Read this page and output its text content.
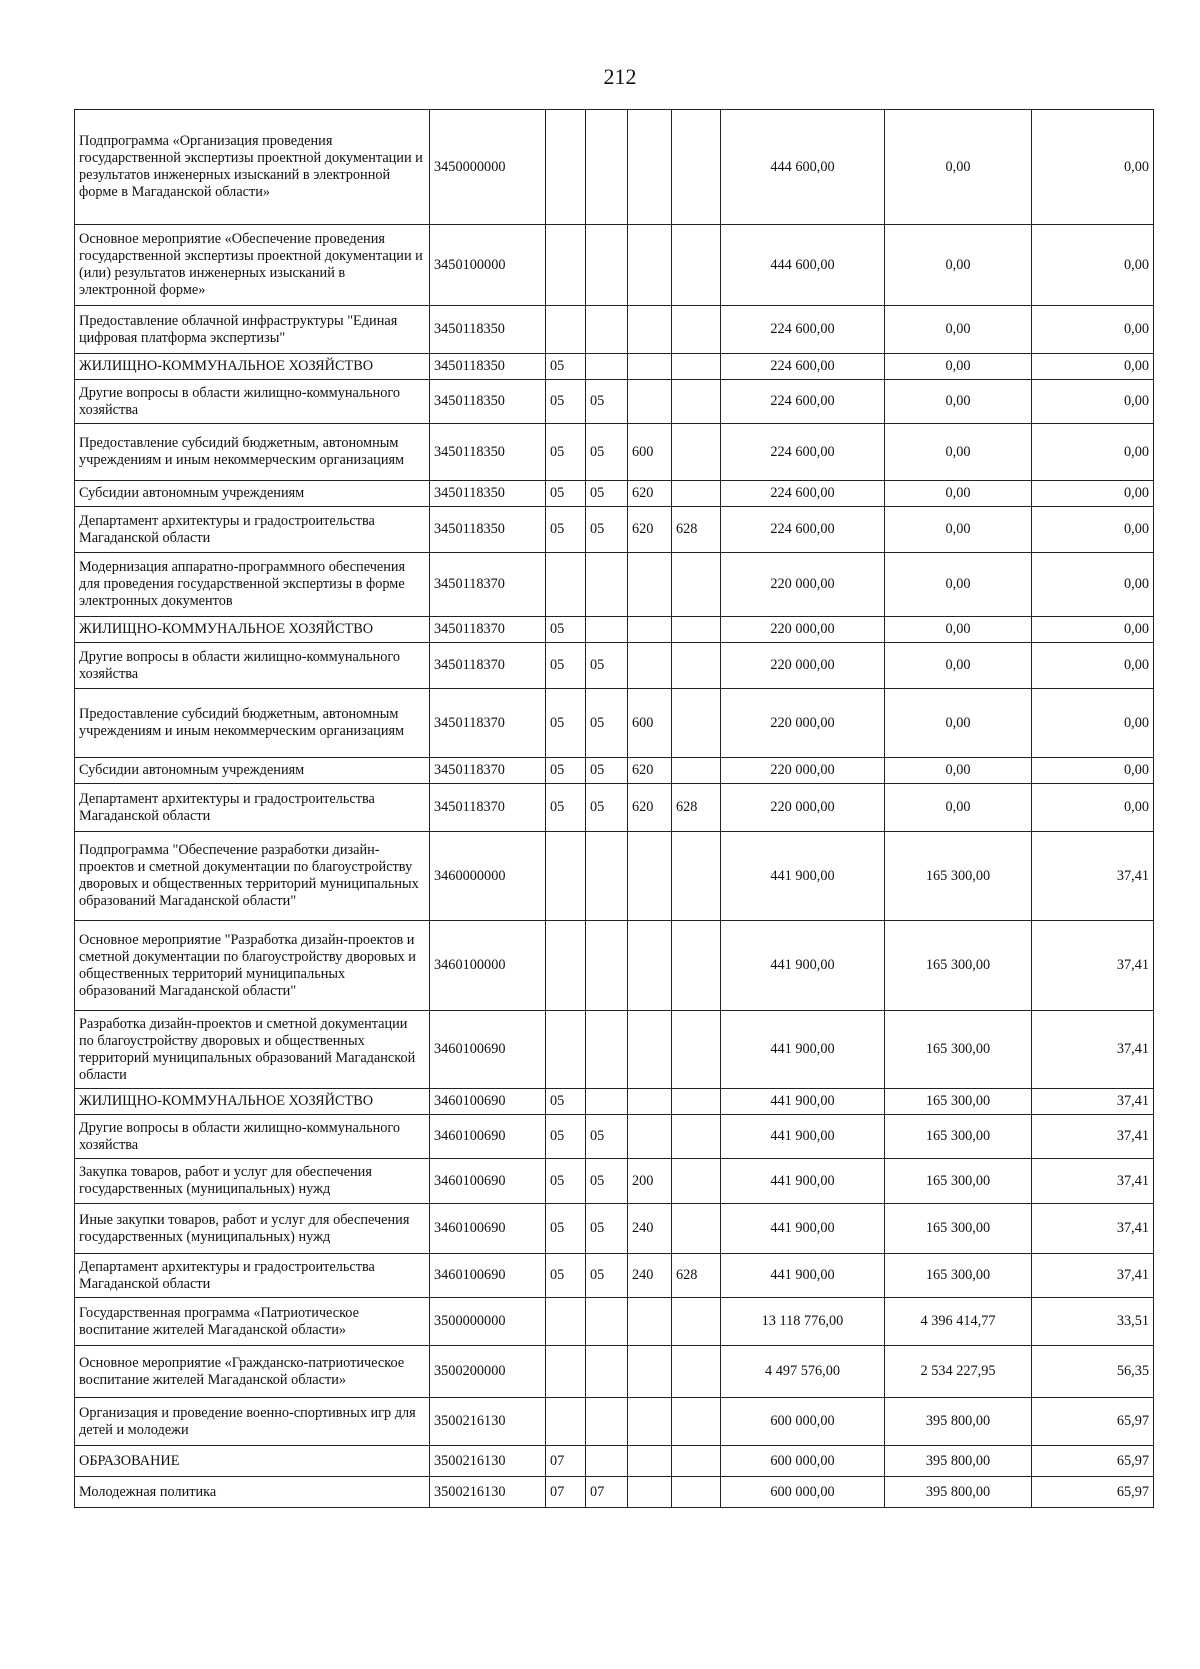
212
Подпрограмма «Организация проведения государственной экспертизы проектной документации и результатов инженерных изысканий в электронной форме в Магаданской области»	3450000000					444 600,00	0,00	0,00
Основное мероприятие «Обеспечение проведения государственной экспертизы проектной документации и (или) результатов инженерных изысканий в электронной форме»	3450100000					444 600,00	0,00	0,00
Предоставление облачной инфраструктуры "Единая цифровая платформа экспертизы"	3450118350					224 600,00	0,00	0,00
ЖИЛИЩНО-КОММУНАЛЬНОЕ ХОЗЯЙСТВО	3450118350	05				224 600,00	0,00	0,00
Другие вопросы в области жилищно-коммунального хозяйства	3450118350	05	05			224 600,00	0,00	0,00
Предоставление субсидий бюджетным, автономным учреждениям и иным некоммерческим организациям	3450118350	05	05	600		224 600,00	0,00	0,00
Субсидии автономным учреждениям	3450118350	05	05	620		224 600,00	0,00	0,00
Департамент архитектуры и градостроительства Магаданской области	3450118350	05	05	620	628	224 600,00	0,00	0,00
Модернизация аппаратно-программного обеспечения для проведения государственной экспертизы в форме электронных документов	3450118370					220 000,00	0,00	0,00
ЖИЛИЩНО-КОММУНАЛЬНОЕ ХОЗЯЙСТВО	3450118370	05				220 000,00	0,00	0,00
Другие вопросы в области жилищно-коммунального хозяйства	3450118370	05	05			220 000,00	0,00	0,00
Предоставление субсидий бюджетным, автономным учреждениям и иным некоммерческим организациям	3450118370	05	05	600		220 000,00	0,00	0,00
Субсидии автономным учреждениям	3450118370	05	05	620		220 000,00	0,00	0,00
Департамент архитектуры и градостроительства Магаданской области	3450118370	05	05	620	628	220 000,00	0,00	0,00
Подпрограмма "Обеспечение разработки дизайн-проектов и сметной документации по благоустройству дворовых и общественных территорий муниципальных образований Магаданской области"	3460000000					441 900,00	165 300,00	37,41
Основное мероприятие "Разработка дизайн-проектов и сметной документации по благоустройству дворовых и общественных территорий муниципальных образований Магаданской области"	3460100000					441 900,00	165 300,00	37,41
Разработка дизайн-проектов и сметной документации по благоустройству дворовых и общественных территорий муниципальных образований Магаданской области	3460100690					441 900,00	165 300,00	37,41
ЖИЛИЩНО-КОММУНАЛЬНОЕ ХОЗЯЙСТВО	3460100690	05				441 900,00	165 300,00	37,41
Другие вопросы в области жилищно-коммунального хозяйства	3460100690	05	05			441 900,00	165 300,00	37,41
Закупка товаров, работ и услуг для обеспечения государственных (муниципальных) нужд	3460100690	05	05	200		441 900,00	165 300,00	37,41
Иные закупки товаров, работ и услуг для обеспечения государственных (муниципальных) нужд	3460100690	05	05	240		441 900,00	165 300,00	37,41
Департамент архитектуры и градостроительства Магаданской области	3460100690	05	05	240	628	441 900,00	165 300,00	37,41
Государственная программа «Патриотическое воспитание жителей Магаданской области»	3500000000					13 118 776,00	4 396 414,77	33,51
Основное мероприятие «Гражданско-патриотическое воспитание жителей Магаданской области»	3500200000					4 497 576,00	2 534 227,95	56,35
Организация и проведение военно-спортивных игр для детей и молодежи	3500216130					600 000,00	395 800,00	65,97
ОБРАЗОВАНИЕ	3500216130	07				600 000,00	395 800,00	65,97
Молодежная политика	3500216130	07	07			600 000,00	395 800,00	65,97
